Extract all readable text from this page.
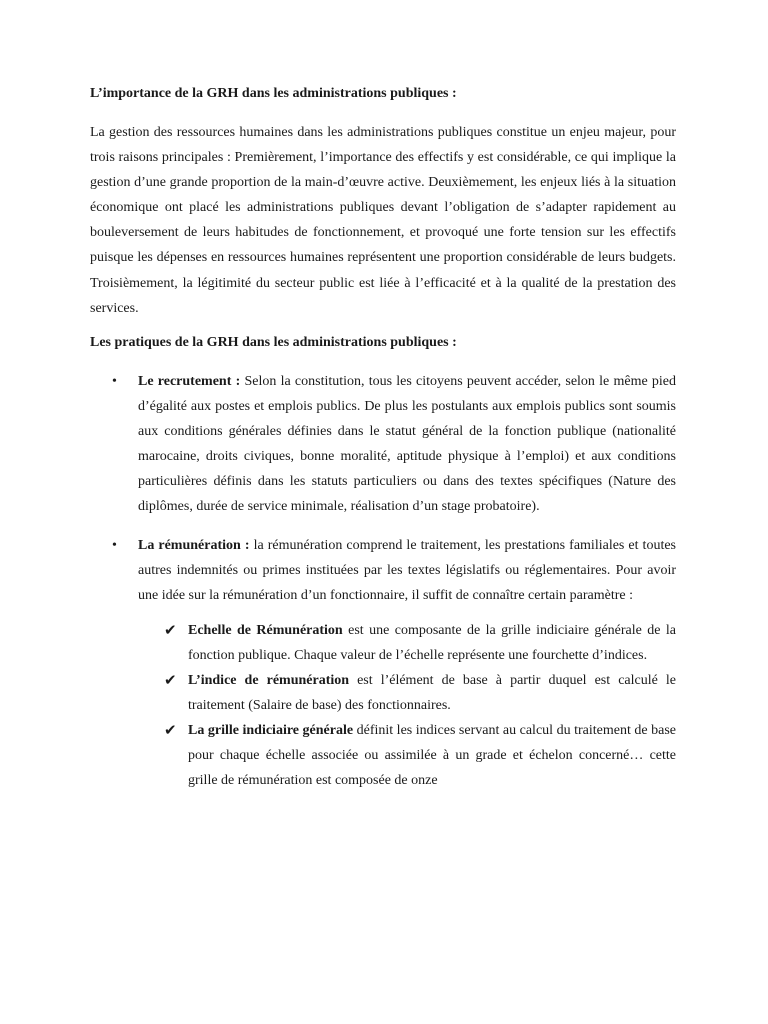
L’importance de la GRH dans les administrations publiques :

La gestion des ressources humaines dans les administrations publiques constitue un enjeu majeur, pour trois raisons principales : Premièrement, l’importance des effectifs y est considérable, ce qui implique la gestion d’une grande proportion de la main-d’œuvre active. Deuxièmement, les enjeux liés à la situation économique ont placé les administrations publiques devant l’obligation de s’adapter rapidement au bouleversement de leurs habitudes de fonctionnement, et provoqué une forte tension sur les effectifs puisque les dépenses en ressources humaines représentent une proportion considérable de leurs budgets. Troisièmement, la légitimité du secteur public est liée à l’efficacité et à la qualité de la prestation des services.

Les pratiques de la GRH dans les administrations publiques :

• Le recrutement : Selon la constitution, tous les citoyens peuvent accéder, selon le même pied d’égalité aux postes et emplois publics. De plus les postulants aux emplois publics sont soumis aux conditions générales définies dans le statut général de la fonction publique (nationalité marocaine, droits civiques, bonne moralité, aptitude physique à l’emploi) et aux conditions particulières définis dans les statuts particuliers ou dans des textes spécifiques (Nature des diplômes, durée de service minimale, réalisation d’un stage probatoire).
• La rémunération : la rémunération comprend le traitement, les prestations familiales et toutes autres indemnités ou primes instituées par les textes législatifs ou réglementaires. Pour avoir une idée sur la rémunération d’un fonctionnaire, il suffit de connaître certain paramètre :
✔ Echelle de Rémunération est une composante de la grille indiciaire générale de la fonction publique. Chaque valeur de l’échelle représente une fourchette d’indices.
✔ L’indice de rémunération est l’élément de base à partir duquel est calculé le traitement (Salaire de base) des fonctionnaires.
✔ La grille indiciaire générale définit les indices servant au calcul du traitement de base pour chaque échelle associée ou assimilée à un grade et échelon concerné… cette grille de rémunération est composée de onze
